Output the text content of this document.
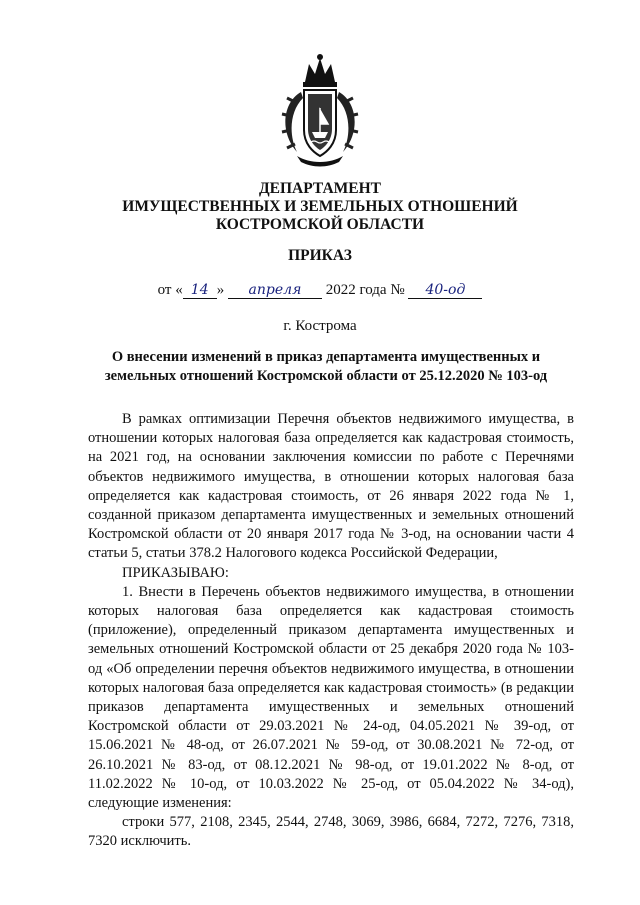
ДЕПАРТАМЕНТ
ИМУЩЕСТВЕННЫХ И ЗЕМЕЛЬНЫХ ОТНОШЕНИЙ
КОСТРОМСКОЙ ОБЛАСТИ
ПРИКАЗ
от « 14 » апреля 2022 года № 40-од
г. Кострома
О внесении изменений в приказ департамента имущественных и земельных отношений Костромской области от 25.12.2020 № 103-од

В рамках оптимизации Перечня объектов недвижимого имущества, в отношении которых налоговая база определяется как кадастровая стоимость, на 2021 год, на основании заключения комиссии по работе с Перечнями объектов недвижимого имущества, в отношении которых налоговая база определяется как кадастровая стоимость, от 26 января 2022 года № 1, созданной приказом департамента имущественных и земельных отношений Костромской области от 20 января 2017 года № 3-од, на основании части 4 статьи 5, статьи 378.2 Налогового кодекса Российской Федерации,

ПРИКАЗЫВАЮ:

1. Внести в Перечень объектов недвижимого имущества, в отношении которых налоговая база определяется как кадастровая стоимость (приложение), определенный приказом департамента имущественных и земельных отношений Костромской области от 25 декабря 2020 года № 103-од «Об определении перечня объектов недвижимого имущества, в отношении которых налоговая база определяется как кадастровая стоимость» (в редакции приказов департамента имущественных и земельных отношений Костромской области от 29.03.2021 № 24-од, 04.05.2021 № 39-од, от 15.06.2021 № 48-од, от 26.07.2021 № 59-од, от 30.08.2021 № 72-од, от 26.10.2021 № 83-од, от 08.12.2021 № 98-од, от 19.01.2022 № 8-од, от 11.02.2022 № 10-од, от 10.03.2022 № 25-од, от 05.04.2022 № 34-од), следующие изменения:

строки 577, 2108, 2345, 2544, 2748, 3069, 3986, 6684, 7272, 7276, 7318, 7320 исключить.
